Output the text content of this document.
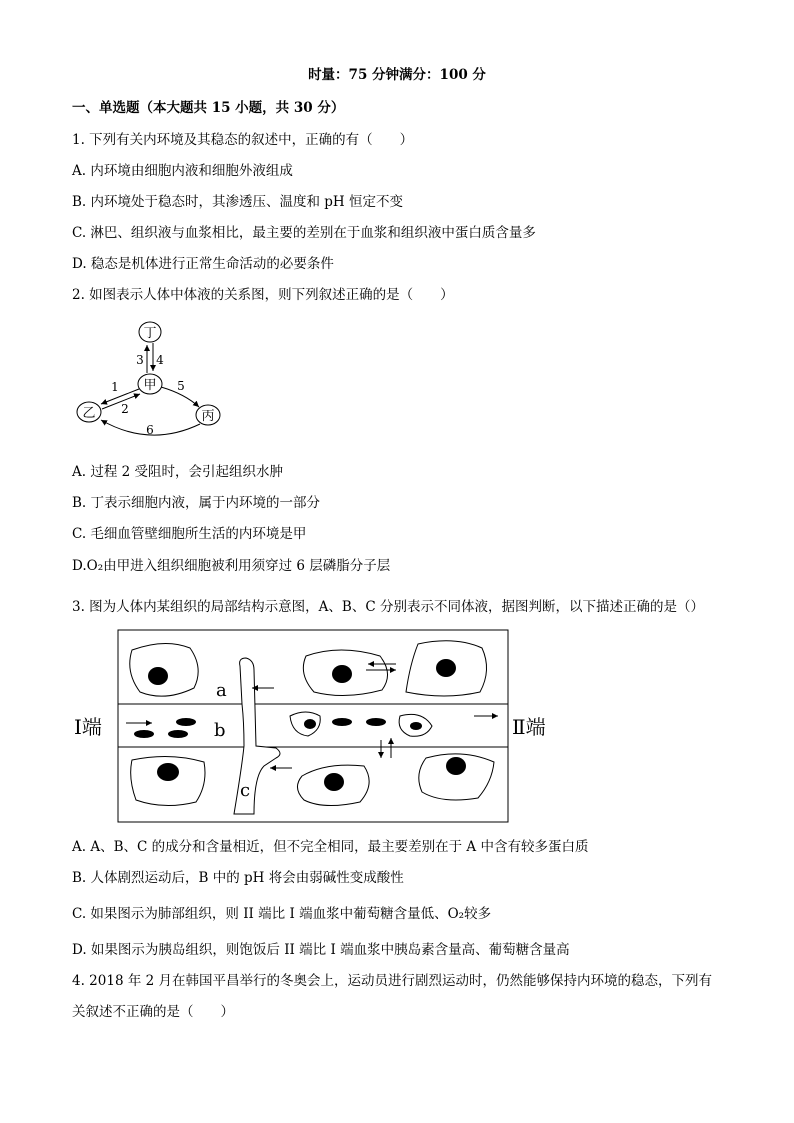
时量：75 分钟满分：100 分
一、单选题（本大题共 15 小题，共 30 分）
1. 下列有关内环境及其稳态的叙述中，正确的有（　　）
A. 内环境由细胞内液和细胞外液组成
B. 内环境处于稳态时，其渗透压、温度和 pH 恒定不变
C. 淋巴、组织液与血浆相比，最主要的差别在于血浆和组织液中蛋白质含量多
D. 稳态是机体进行正常生命活动的必要条件
2. 如图表示人体中体液的关系图，则下列叙述正确的是（　　）
丁
甲
乙	丙
3 4
1
2
5
6
A. 过程 2 受阻时，会引起组织水肿
B. 丁表示细胞内液，属于内环境的一部分
C. 毛细血管壁细胞所生活的内环境是甲
D.O₂由甲进入组织细胞被利用须穿过 6 层磷脂分子层
3. 图为人体内某组织的局部结构示意图，A、B、C 分别表示不同体液，据图判断，以下描述正确的是（）
Ⅰ端	Ⅱ端
a
b
c
A. A、B、C 的成分和含量相近，但不完全相同，最主要差别在于 A 中含有较多蛋白质
B. 人体剧烈运动后，B 中的 pH 将会由弱碱性变成酸性
C. 如果图示为肺部组织，则 II 端比 I 端血浆中葡萄糖含量低、O₂较多
D. 如果图示为胰岛组织，则饱饭后 II 端比 I 端血浆中胰岛素含量高、葡萄糖含量高
4. 2018 年 2 月在韩国平昌举行的冬奥会上，运动员进行剧烈运动时，仍然能够保持内环境的稳态，下列有
关叙述不正确的是（　　）
